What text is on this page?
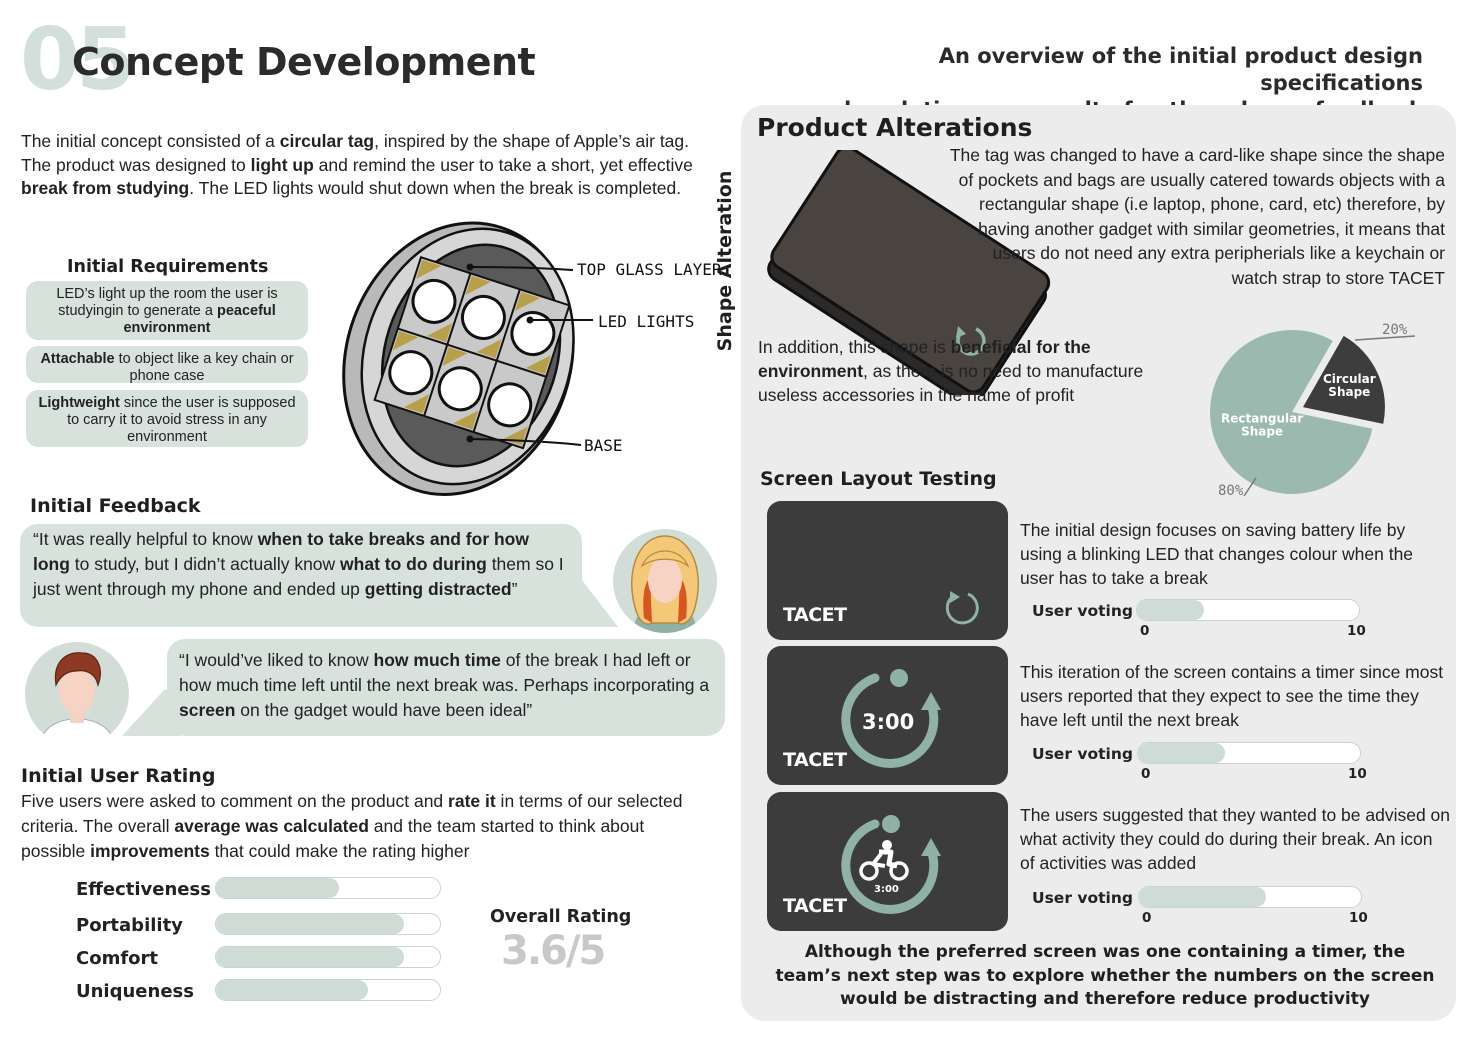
05
Concept Development	An overview of the initial product design specifications
The initial concept consisted of a circular tag, inspired by the shape of Apple’s air tag. The product was designed to light up and remind the user to take a short, yet effective break from studying. The LED lights would shut down when the break is completed.
Initial Requirements
LED’s light up the room the user is studyingin to generate a peaceful environment
Attachable to object like a key chain or phone case
Lightweight since the user is supposed to carry it to avoid stress in any environment
TOP GLASS LAYER
LED LIGHTS
BASE
Initial Feedback
“It was really helpful to know when to take breaks and for how long to study, but I didn’t actually know what to do during them so I just went through my phone and ended up getting distracted”
“I would’ve liked to know how much time of the break I had left or how much time left until the next break was. Perhaps incorporating a screen on the gadget would have been ideal”
Initial User Rating
Five users were asked to comment on the product and rate it in terms of our selected criteria. The overall average was calculated and the team started to think about possible improvements that could make the rating higher
Effectiveness
Portability
Comfort
Uniqueness
Overall Rating
3.6/5
Product Alterations
Shape Alteration
The tag was changed to have a card-like shape since the shape of pockets and bags are usually catered towards objects with a rectangular shape (i.e laptop, phone, card, etc) therefore, by having another gadget with similar geometries, it means that users do not need any extra peripherials like a keychain or watch strap to store TACET
In addition, this shape is beneficial for the environment, as there is no need to manufacture useless accessories in the name of profit
Circular
Shape
Rectangular
Shape
20%
80%
Screen Layout Testing
TACET
3:00
TACET
3:00
TACET
The initial design focuses on saving battery life by using a blinking LED that changes colour when the user has to take a break
User voting
0	10
This iteration of the screen contains a timer since most users reported that they expect to see the time they have left until the next break
User voting
0	10
The users suggested that they wanted to be advised on what activity they could do during their break. An icon of activities was added
User voting
0	10
Although the preferred screen was one containing a timer, the team’s next step was to explore whether the numbers on the screen would be distracting and therefore reduce productivity
